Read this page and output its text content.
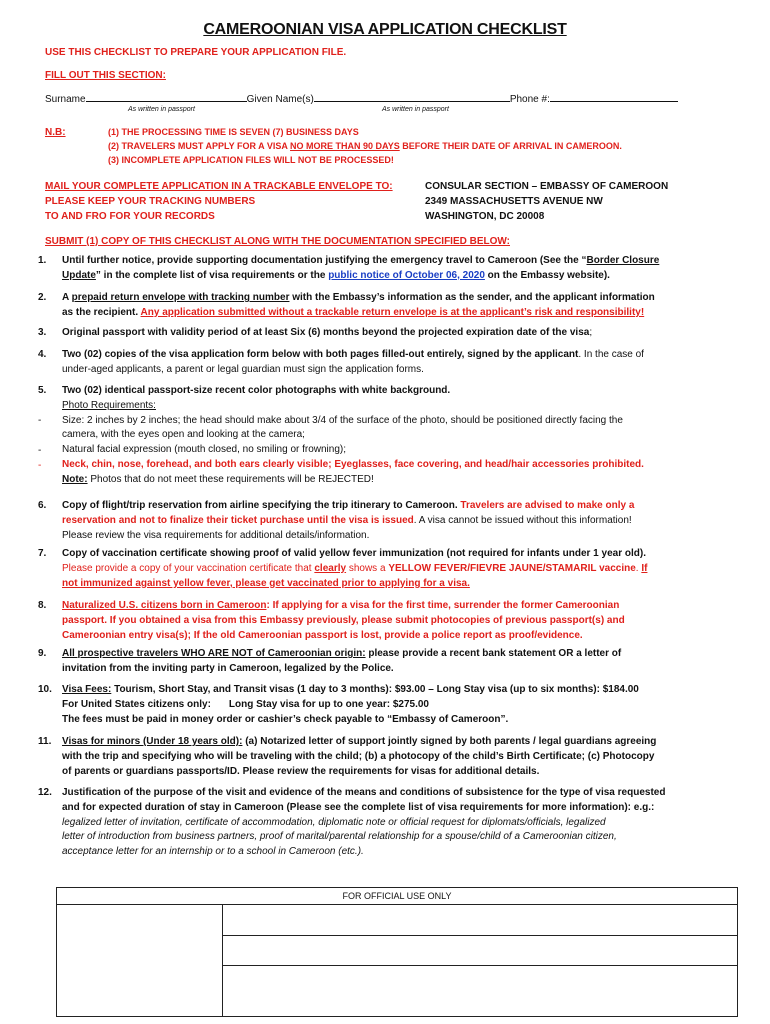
CAMEROONIAN VISA APPLICATION CHECKLIST
USE THIS CHECKLIST TO PREPARE YOUR APPLICATION FILE.
FILL OUT THIS SECTION:
Surname	Given Name(s)	Phone #:
As written in passport	As written in passport
N.B:	(1) THE PROCESSING TIME IS SEVEN (7) BUSINESS DAYS
(2) TRAVELERS MUST APPLY FOR A VISA NO MORE THAN 90 DAYS BEFORE THEIR DATE OF ARRIVAL IN CAMEROON.
(3) INCOMPLETE APPLICATION FILES WILL NOT BE PROCESSED!
MAIL YOUR COMPLETE APPLICATION IN A TRACKABLE ENVELOPE TO:
PLEASE KEEP YOUR TRACKING NUMBERS
TO AND FRO FOR YOUR RECORDS
CONSULAR SECTION – EMBASSY OF CAMEROON
2349 MASSACHUSETTS AVENUE NW
WASHINGTON, DC 20008
SUBMIT (1) COPY OF THIS CHECKLIST ALONG WITH THE DOCUMENTATION SPECIFIED BELOW:
1.	Until further notice, provide supporting documentation justifying the emergency travel to Cameroon (See the “Border Closure
Update” in the complete list of visa requirements or the public notice of October 06, 2020 on the Embassy website).
2.	A prepaid return envelope with tracking number with the Embassy’s information as the sender, and the applicant information
as the recipient. Any application submitted without a trackable return envelope is at the applicant’s risk and responsibility!
3.	Original passport with validity period of at least Six (6) months beyond the projected expiration date of the visa;
4.	Two (02) copies of the visa application form below with both pages filled-out entirely, signed by the applicant. In the case of
under-aged applicants, a parent or legal guardian must sign the application forms.
5.	Two (02) identical passport-size recent color photographs with white background.
Photo Requirements:
Size: 2 inches by 2 inches; the head should make about 3/4 of the surface of the photo, should be positioned directly facing the
camera, with the eyes open and looking at the camera;
Natural facial expression (mouth closed, no smiling or frowning);
Neck, chin, nose, forehead, and both ears clearly visible; Eyeglasses, face covering, and head/hair accessories prohibited.
Note: Photos that do not meet these requirements will be REJECTED!
-
-
-
6.	Copy of flight/trip reservation from airline specifying the trip itinerary to Cameroon. Travelers are advised to make only a
reservation and not to finalize their ticket purchase until the visa is issued. A visa cannot be issued without this information!
Please review the visa requirements for additional details/information.
7.	Copy of vaccination certificate showing proof of valid yellow fever immunization (not required for infants under 1 year old).
Please provide a copy of your vaccination certificate that clearly shows a YELLOW FEVER/FIEVRE JAUNE/STAMARIL vaccine. If
not immunized against yellow fever, please get vaccinated prior to applying for a visa.
8.	Naturalized U.S. citizens born in Cameroon: If applying for a visa for the first time, surrender the former Cameroonian
passport. If you obtained a visa from this Embassy previously, please submit photocopies of previous passport(s) and
Cameroonian entry visa(s); If the old Cameroonian passport is lost, provide a police report as proof/evidence.
9.	All prospective travelers WHO ARE NOT of Cameroonian origin: please provide a recent bank statement OR a letter of
invitation from the inviting party in Cameroon, legalized by the Police.
10.	Visa Fees: Tourism, Short Stay, and Transit visas (1 day to 3 months): $93.00 – Long Stay visa (up to six months): $184.00
For United States citizens only: Long Stay visa for up to one year: $275.00
The fees must be paid in money order or cashier’s check payable to “Embassy of Cameroon”.
11.	Visas for minors (Under 18 years old): (a) Notarized letter of support jointly signed by both parents / legal guardians agreeing
with the trip and specifying who will be traveling with the child; (b) a photocopy of the child’s Birth Certificate; (c) Photocopy
of parents or guardians passports/ID. Please review the requirements for visas for additional details.
12.	Justification of the purpose of the visit and evidence of the means and conditions of subsistence for the type of visa requested
and for expected duration of stay in Cameroon (Please see the complete list of visa requirements for more information): e.g.:
legalized letter of invitation, certificate of accommodation, diplomatic note or official request for diplomats/officials, legalized
letter of introduction from business partners, proof of marital/parental relationship for a spouse/child of a Cameroonian citizen,
acceptance letter for an internship or to a school in Cameroon (etc.).
FOR OFFICIAL USE ONLY
